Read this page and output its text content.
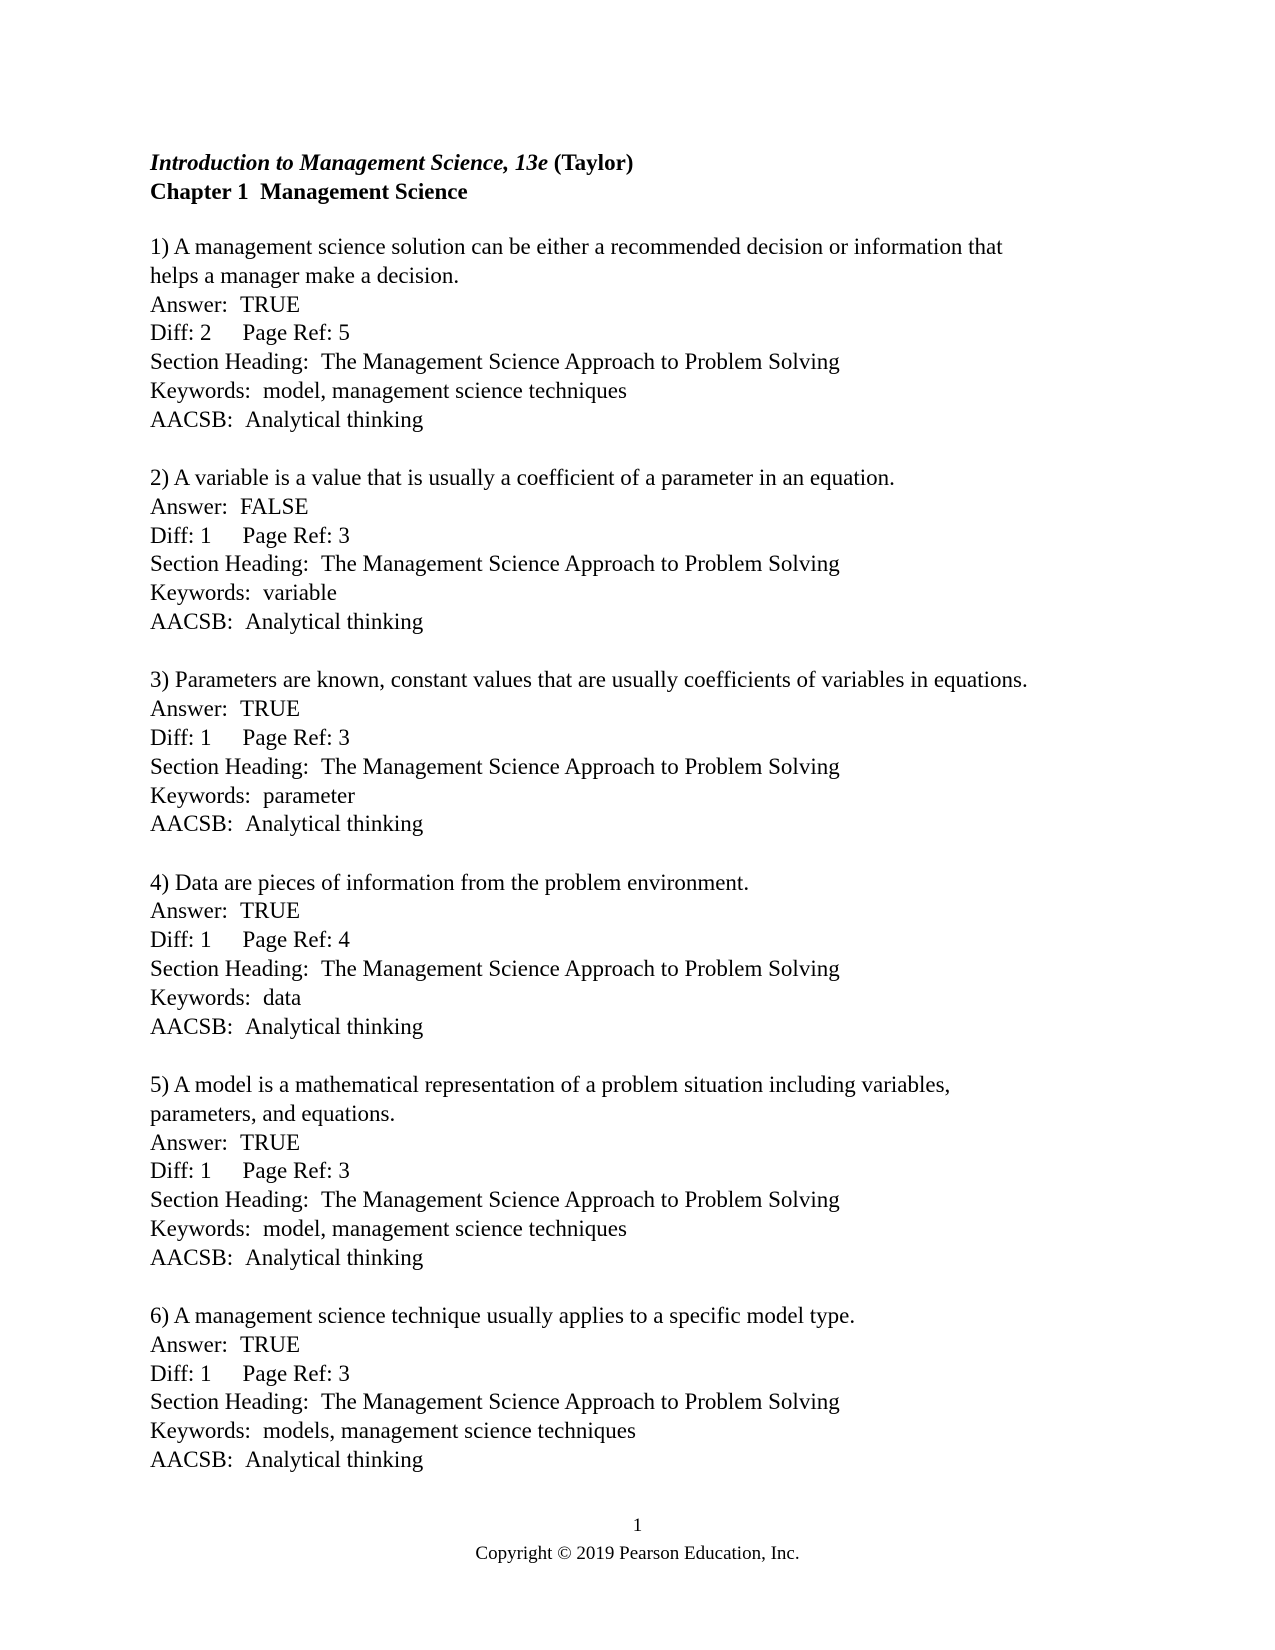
Introduction to Management Science, 13e (Taylor)
Chapter 1  Management Science
1) A management science solution can be either a recommended decision or information that
helps a manager make a decision.
Answer: TRUE
Diff: 2 Page Ref: 5
Section Heading: The Management Science Approach to Problem Solving
Keywords: model, management science techniques
AACSB: Analytical thinking
2) A variable is a value that is usually a coefficient of a parameter in an equation.
Answer: FALSE
Diff: 1 Page Ref: 3
Section Heading: The Management Science Approach to Problem Solving
Keywords: variable
AACSB: Analytical thinking
3) Parameters are known, constant values that are usually coefficients of variables in equations.
Answer: TRUE
Diff: 1 Page Ref: 3
Section Heading: The Management Science Approach to Problem Solving
Keywords: parameter
AACSB: Analytical thinking
4) Data are pieces of information from the problem environment.
Answer: TRUE
Diff: 1 Page Ref: 4
Section Heading: The Management Science Approach to Problem Solving
Keywords: data
AACSB: Analytical thinking
5) A model is a mathematical representation of a problem situation including variables,
parameters, and equations.
Answer: TRUE
Diff: 1 Page Ref: 3
Section Heading: The Management Science Approach to Problem Solving
Keywords: model, management science techniques
AACSB: Analytical thinking
6) A management science technique usually applies to a specific model type.
Answer: TRUE
Diff: 1 Page Ref: 3
Section Heading: The Management Science Approach to Problem Solving
Keywords: models, management science techniques
AACSB: Analytical thinking
1
Copyright © 2019 Pearson Education, Inc.
